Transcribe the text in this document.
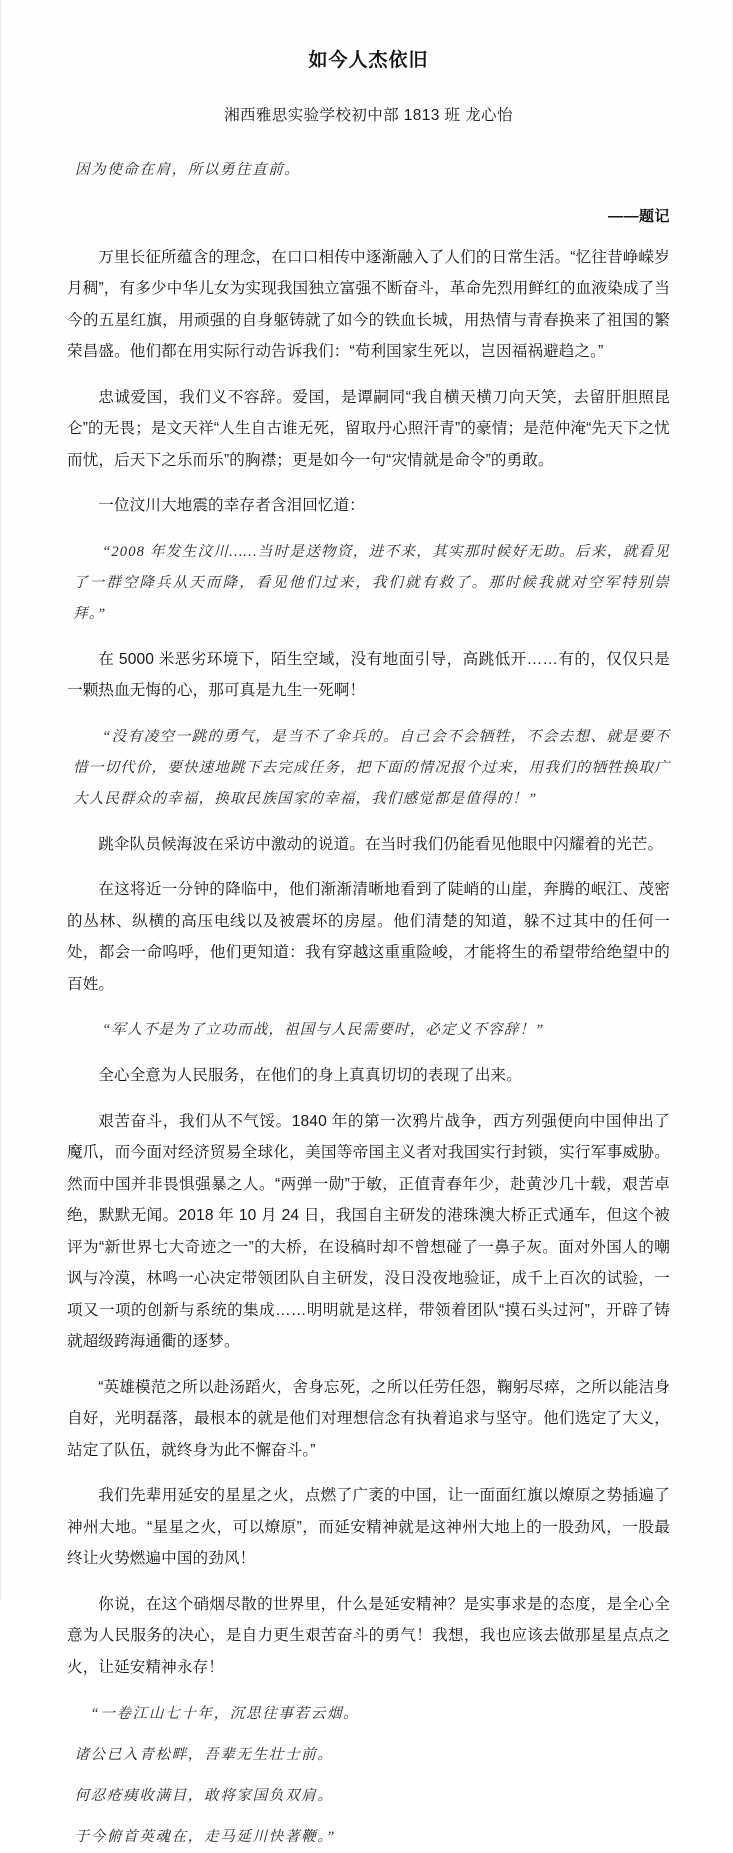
如今人杰依旧
湘西雅思实验学校初中部 1813 班 龙心怡
因为使命在肩，所以勇往直前。
——题记

万里长征所蕴含的理念，在口口相传中逐渐融入了人们的日常生活。“忆往昔峥嵘岁月稠”，有多少中华儿女为实现我国独立富强不断奋斗，革命先烈用鲜红的血液染成了当今的五星红旗，用顽强的自身躯铸就了如今的铁血长城，用热情与青春换来了祖国的繁荣昌盛。他们都在用实际行动告诉我们：“苟利国家生死以，岂因福祸避趋之。”

忠诚爱国，我们义不容辞。爱国，是谭嗣同“我自横天横刀向天笑，去留肝胆照昆仑”的无畏；是文天祥“人生自古谁无死，留取丹心照汗青”的豪情；是范仲淹“先天下之忧而忧，后天下之乐而乐”的胸襟；更是如今一句“灾情就是命令”的勇敢。

一位汶川大地震的幸存者含泪回忆道：

“2008 年发生汶川……当时是送物资，进不来，其实那时候好无助。后来，就看见了一群空降兵从天而降，看见他们过来，我们就有救了。那时候我就对空军特别崇拜。”

在 5000 米恶劣环境下，陌生空域，没有地面引导，高跳低开……有的，仅仅只是一颗热血无悔的心，那可真是九生一死啊！

“没有凌空一跳的勇气，是当不了伞兵的。自己会不会牺牲，不会去想、就是要不惜一切代价，要快速地跳下去完成任务，把下面的情况报个过来，用我们的牺牲换取广大人民群众的幸福，换取民族国家的幸福，我们感觉都是值得的！”

跳伞队员候海波在采访中激动的说道。在当时我们仍能看见他眼中闪耀着的光芒。

在这将近一分钟的降临中，他们渐渐清晰地看到了陡峭的山崖，奔腾的岷江、茂密的丛林、纵横的高压电线以及被震坏的房屋。他们清楚的知道，躲不过其中的任何一处，都会一命呜呼，他们更知道：我有穿越这重重险峻，才能将生的希望带给绝望中的百姓。

“军人不是为了立功而战，祖国与人民需要时，必定义不容辞！”

全心全意为人民服务，在他们的身上真真切切的表现了出来。

艰苦奋斗，我们从不气馁。1840 年的第一次鸦片战争，西方列强便向中国伸出了魔爪，而今面对经济贸易全球化，美国等帝国主义者对我国实行封锁，实行军事威胁。然而中国并非畏惧强暴之人。“两弹一勋”于敏，正值青春年少，赴黄沙几十载，艰苦卓绝，默默无闻。2018 年 10 月 24 日，我国自主研发的港珠澳大桥正式通车，但这个被评为“新世界七大奇迹之一”的大桥，在设稿时却不曾想碰了一鼻子灰。面对外国人的嘲讽与冷漠，林鸣一心决定带领团队自主研发，没日没夜地验证，成千上百次的试验，一项又一项的创新与系统的集成……明明就是这样，带领着团队“摸石头过河”，开辟了铸就超级跨海通衢的逐梦。

“英雄模范之所以赴汤蹈火，舍身忘死，之所以任劳任怨，鞠躬尽瘁，之所以能洁身自好，光明磊落，最根本的就是他们对理想信念有执着追求与坚守。他们选定了大义，站定了队伍，就终身为此不懈奋斗。”

我们先辈用延安的星星之火，点燃了广袤的中国，让一面面红旗以燎原之势插遍了神州大地。“星星之火，可以燎原”，而延安精神就是这神州大地上的一股劲风，一股最终让火势燃遍中国的劲风！

你说，在这个硝烟尽散的世界里，什么是延安精神？是实事求是的态度，是全心全意为人民服务的决心，是自力更生艰苦奋斗的勇气！我想，我也应该去做那星星点点之火，让延安精神永存！

“一卷江山七十年，沉思往事若云烟。
诸公已入青松畔，吾辈无生壮士前。
何忍疮痍收满目，敢将家国负双肩。
于今俯首英魂在，走马延川快著鞭。”
